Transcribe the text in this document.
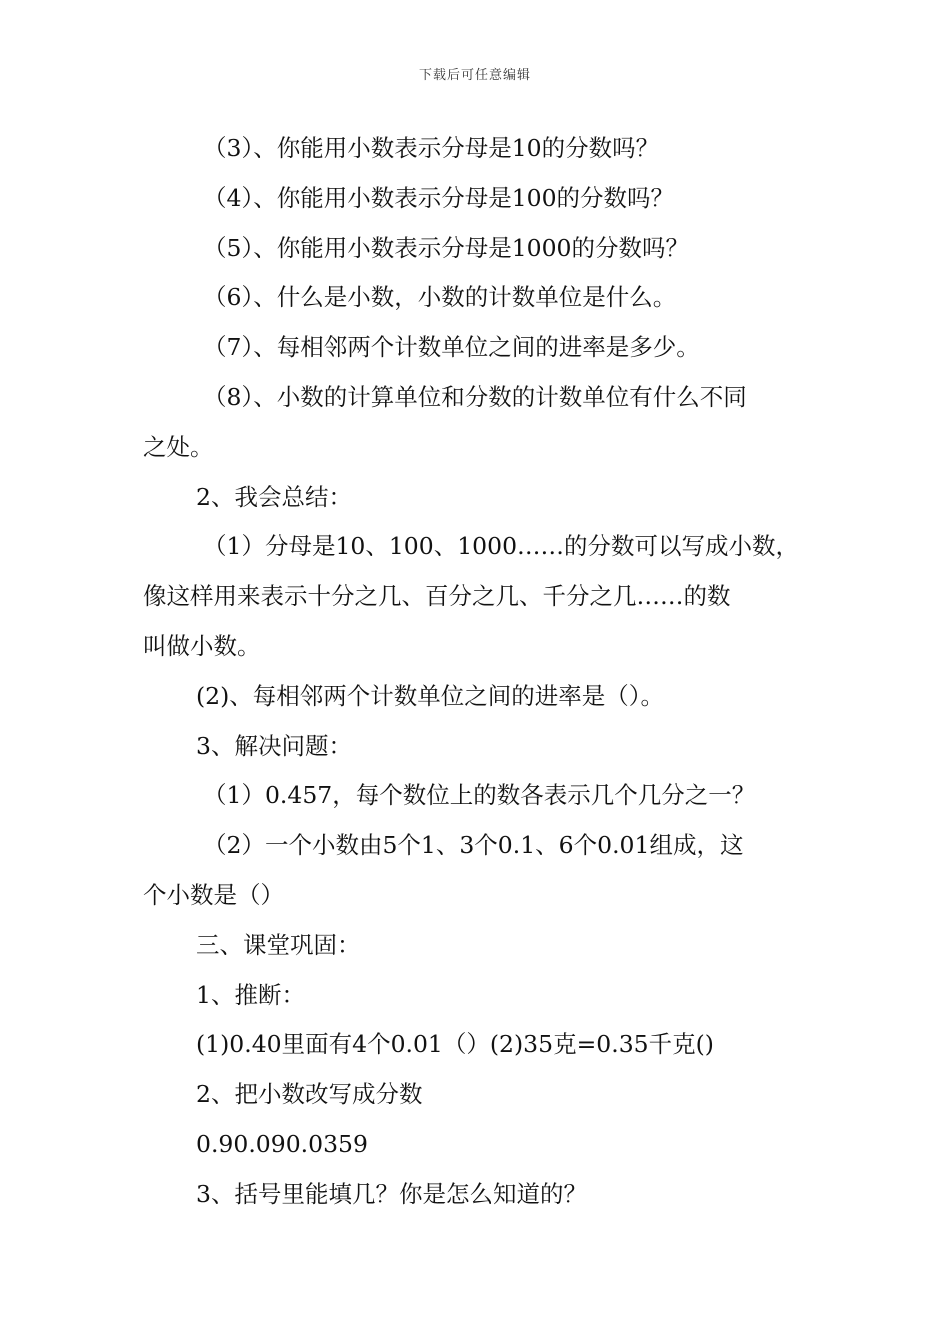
下载后可任意编辑

（3）、你能用小数表示分母是10的分数吗？

（4）、你能用小数表示分母是100的分数吗？

（5）、你能用小数表示分母是1000的分数吗？

（6）、什么是小数，小数的计数单位是什么。

（7）、每相邻两个计数单位之间的进率是多少。

（8）、小数的计算单位和分数的计数单位有什么不同

之处。

2、我会总结：

（1）分母是10、100、1000……的分数可以写成小数，

像这样用来表示十分之几、百分之几、千分之几……的数

叫做小数。

(2)、每相邻两个计数单位之间的进率是（）。

3、解决问题：

（1）0.457，每个数位上的数各表示几个几分之一？

（2）一个小数由5个1、3个0.1、6个0.01组成，这

个小数是（）

三、课堂巩固：

1、推断：

(1)0.40里面有4个0.01（）(2)35克=0.35千克()

2、把小数改写成分数

0.90.090.0359

3、括号里能填几？你是怎么知道的？
